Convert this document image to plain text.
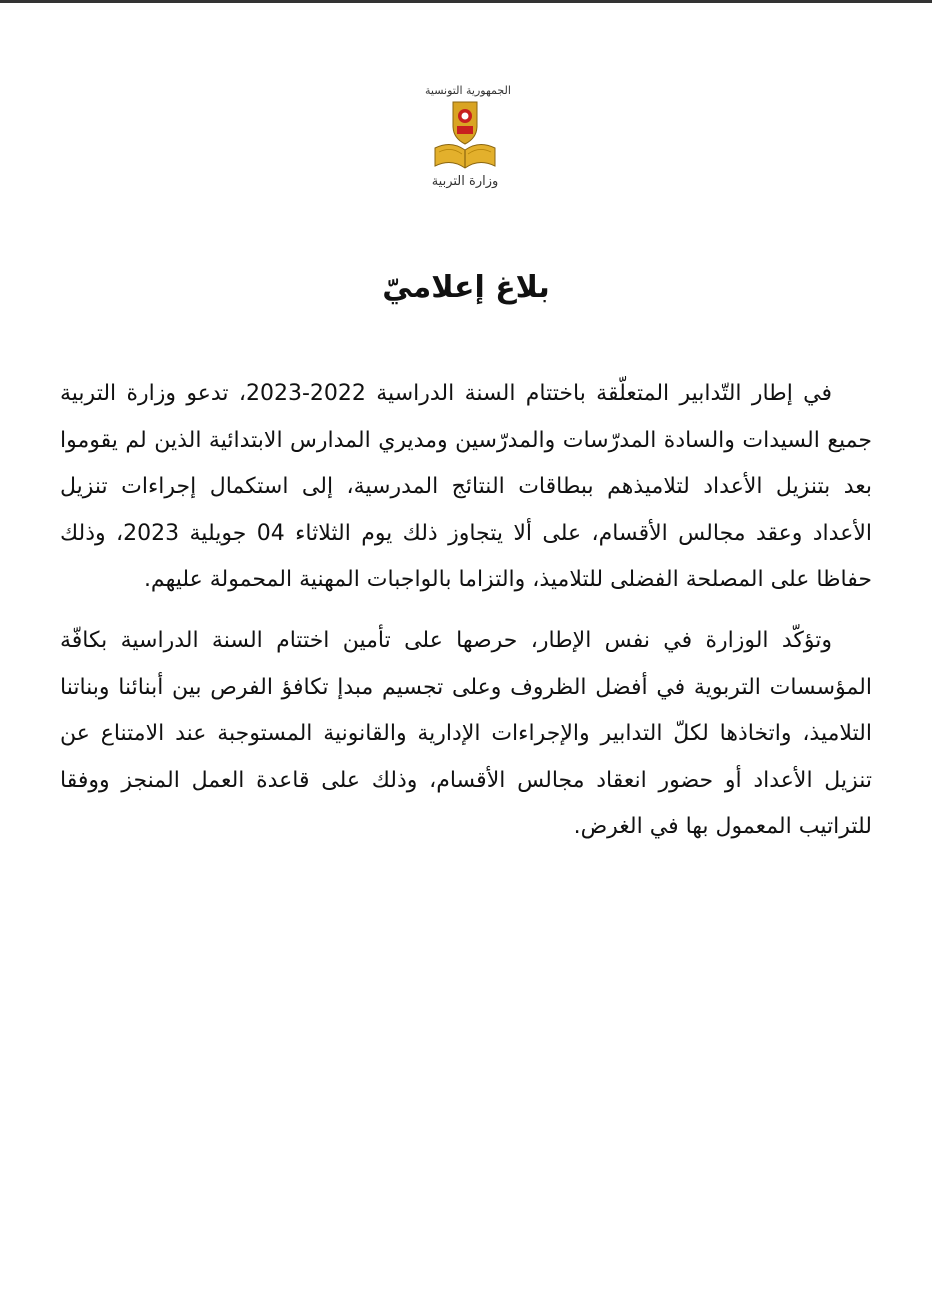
الجمهورية التونسية
وزارة التربية
بلاغ إعلاميّ

في إطار التّدابير المتعلّقة باختتام السنة الدراسية 2022-2023، تدعو وزارة التربية جميع السيدات والسادة المدرّسات والمدرّسين ومديري المدارس الابتدائية الذين لم يقوموا بعد بتنزيل الأعداد لتلاميذهم ببطاقات النتائج المدرسية، إلى استكمال إجراءات تنزيل الأعداد وعقد مجالس الأقسام، على ألا يتجاوز ذلك يوم الثلاثاء 04 جويلية 2023، وذلك حفاظا على المصلحة الفضلى للتلاميذ، والتزاما بالواجبات المهنية المحمولة عليهم.

وتؤكّد الوزارة في نفس الإطار، حرصها على تأمين اختتام السنة الدراسية بكافّة المؤسسات التربوية في أفضل الظروف وعلى تجسيم مبدإ تكافؤ الفرص بين أبنائنا وبناتنا التلاميذ، واتخاذها لكلّ التدابير والإجراءات الإدارية والقانونية المستوجبة عند الامتناع عن تنزيل الأعداد أو حضور انعقاد مجالس الأقسام، وذلك على قاعدة العمل المنجز ووفقا للتراتيب المعمول بها في الغرض.
